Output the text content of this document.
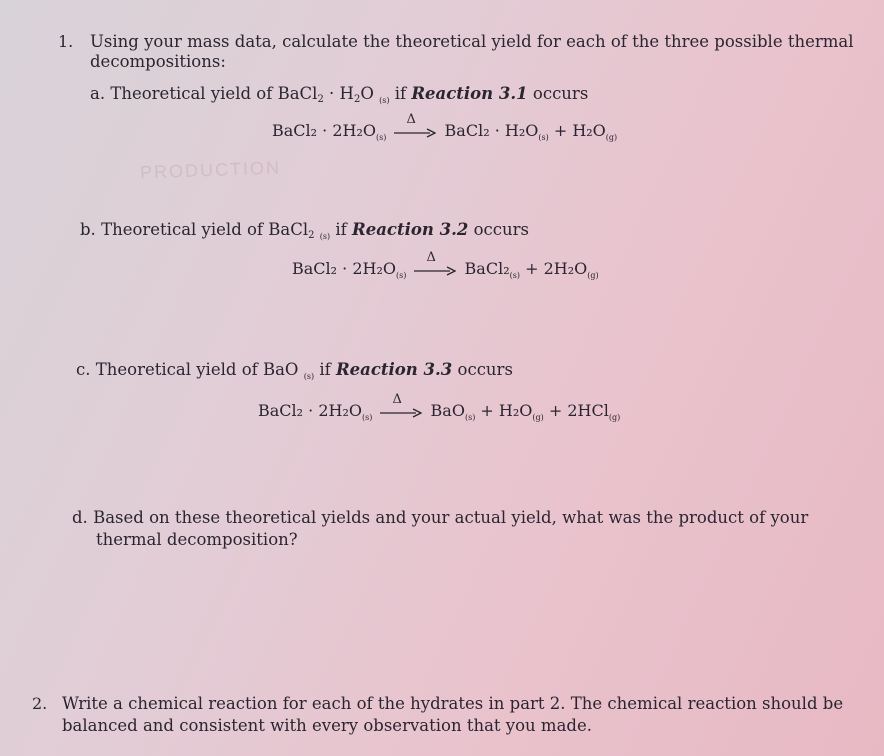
PRODUCTION
1. Using your mass data, calculate the theoretical yield for each of the three possible thermal
decompositions:
a. Theoretical yield of BaCl$_2$ · $H_2O$ $_{(s)}$ if Reaction 3.1 occurs
BaCl₂ · $2H_2O_{(s)}$
Δ
BaCl₂ · $H_2O_{(s)} + H_2O_{(g)}$
b. Theoretical yield of BaCl$_2$ $_{(s)}$ if Reaction 3.2 occurs
BaCl₂ · $2H_2O_{(s)}$
Δ
$BaCl_2_{(s)} + 2H_2O_{(g)}$
c. Theoretical yield of BaO $_{(s)}$ if Reaction 3.3 occurs
BaCl₂ · $2H_2O_{(s)}$
Δ
$BaO_{(s)} + H_2O_{(g)} + 2HCl_{(g)}$
d. Based on these theoretical yields and your actual yield, what was the product of your
thermal decomposition?
2. Write a chemical reaction for each of the hydrates in part 2. The chemical reaction should be
balanced and consistent with every observation that you made.
